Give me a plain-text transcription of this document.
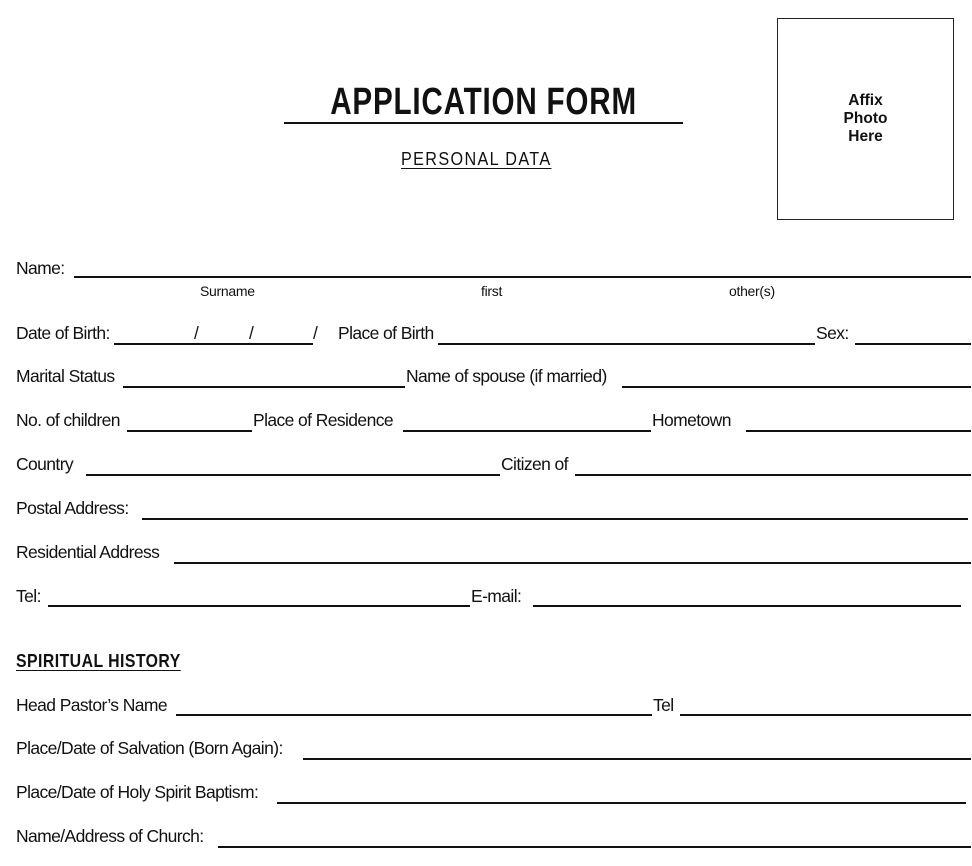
APPLICATION FORM
PERSONAL DATA
Affix
Photo
Here
Name:
Surname	first	other(s)
Date of Birth:	/	/	/ Place of Birth	Sex:
Marital Status	Name of spouse (if married)
No. of children	Place of Residence	Hometown
Country	Citizen of
Postal Address:
Residential Address
Tel:	E-mail:
SPIRITUAL HISTORY
Head Pastor’s Name	Tel
Place/Date of Salvation (Born Again):
Place/Date of Holy Spirit Baptism:
Name/Address of Church:
